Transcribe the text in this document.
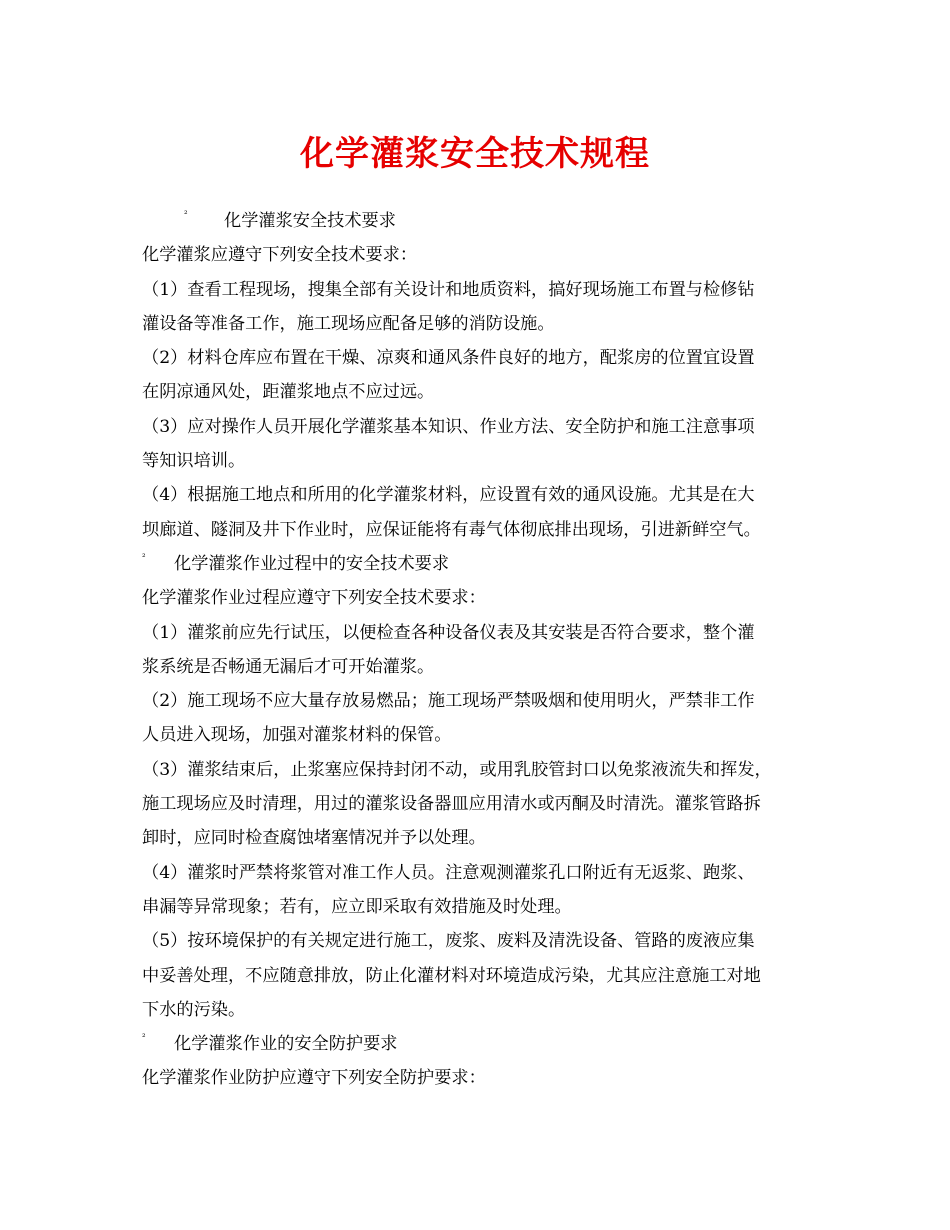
化学灌浆安全技术规程
² 化学灌浆安全技术要求
化学灌浆应遵守下列安全技术要求：
（1）查看工程现场，搜集全部有关设计和地质资料，搞好现场施工布置与检修钻
灌设备等准备工作，施工现场应配备足够的消防设施。
（2）材料仓库应布置在干燥、凉爽和通风条件良好的地方，配浆房的位置宜设置
在阴凉通风处，距灌浆地点不应过远。
（3）应对操作人员开展化学灌浆基本知识、作业方法、安全防护和施工注意事项
等知识培训。
（4）根据施工地点和所用的化学灌浆材料，应设置有效的通风设施。尤其是在大
坝廊道、隧洞及井下作业时，应保证能将有毒气体彻底排出现场，引进新鲜空气。
² 化学灌浆作业过程中的安全技术要求
化学灌浆作业过程应遵守下列安全技术要求：
（1）灌浆前应先行试压，以便检查各种设备仪表及其安装是否符合要求，整个灌
浆系统是否畅通无漏后才可开始灌浆。
（2）施工现场不应大量存放易燃品；施工现场严禁吸烟和使用明火，严禁非工作
人员进入现场，加强对灌浆材料的保管。
（3）灌浆结束后，止浆塞应保持封闭不动，或用乳胶管封口以免浆液流失和挥发，
施工现场应及时清理，用过的灌浆设备器皿应用清水或丙酮及时清洗。灌浆管路拆
卸时，应同时检查腐蚀堵塞情况并予以处理。
（4）灌浆时严禁将浆管对准工作人员。注意观测灌浆孔口附近有无返浆、跑浆、
串漏等异常现象；若有，应立即采取有效措施及时处理。
（5）按环境保护的有关规定进行施工，废浆、废料及清洗设备、管路的废液应集
中妥善处理，不应随意排放，防止化灌材料对环境造成污染，尤其应注意施工对地
下水的污染。
² 化学灌浆作业的安全防护要求
化学灌浆作业防护应遵守下列安全防护要求：
